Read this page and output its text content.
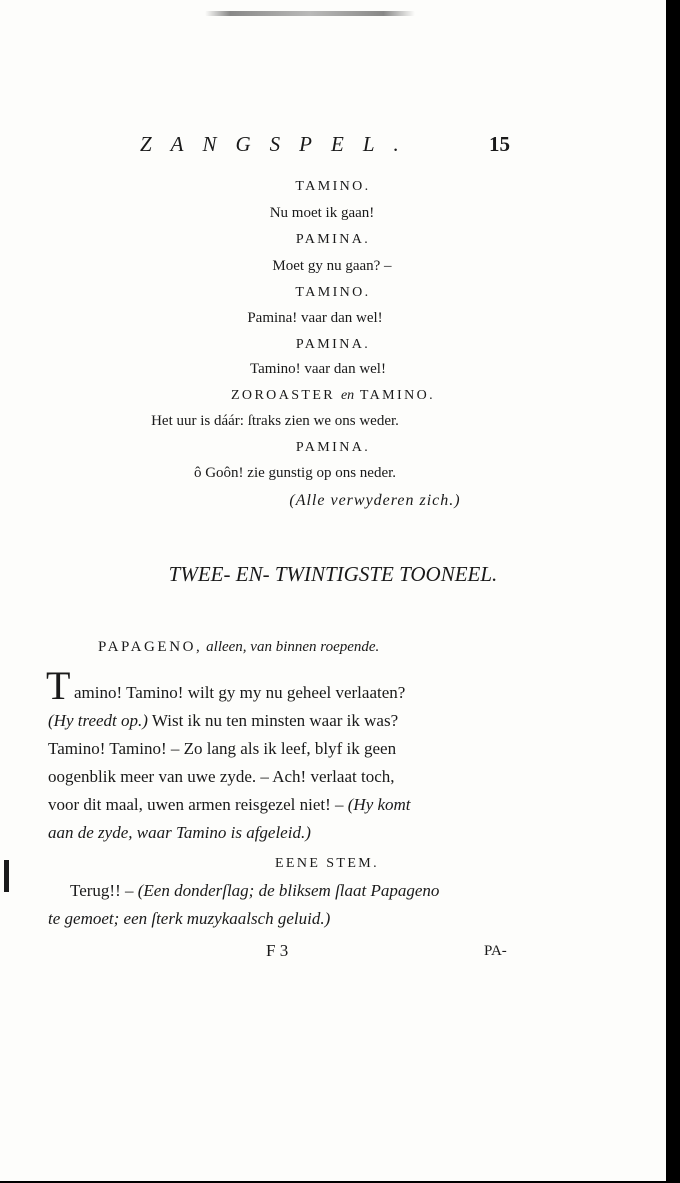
ZANGSPEL.	15
TAMINO.
Nu moet ik gaan!
PAMINA.
Moet gy nu gaan? –
TAMINO.
Pamina! vaar dan wel!
PAMINA.
Tamino! vaar dan wel!
ZOROASTER en TAMINO.
Het uur is dáár: ſtraks zien we ons weder.
PAMINA.
ô Goôn! zie gunstig op ons neder.
(Alle verwyderen zich.)
TWEE- EN- TWINTIGSTE TOONEEL.
PAPAGENO, alleen, van binnen roepende.
T amino! Tamino! wilt gy my nu geheel verlaaten?
(Hy treedt op.) Wist ik nu ten minsten waar ik was?
Tamino! Tamino! – Zo lang als ik leef, blyf ik geen
oogenblik meer van uwe zyde. – Ach! verlaat toch,
voor dit maal, uwen armen reisgezel niet! – (Hy komt
aan de zyde, waar Tamino is afgeleid.)
EENE STEM.
Terug!! – (Een donderſlag; de bliksem ſlaat Papageno
te gemoet; een ſterk muzykaalsch geluid.)
F 3	PA-
